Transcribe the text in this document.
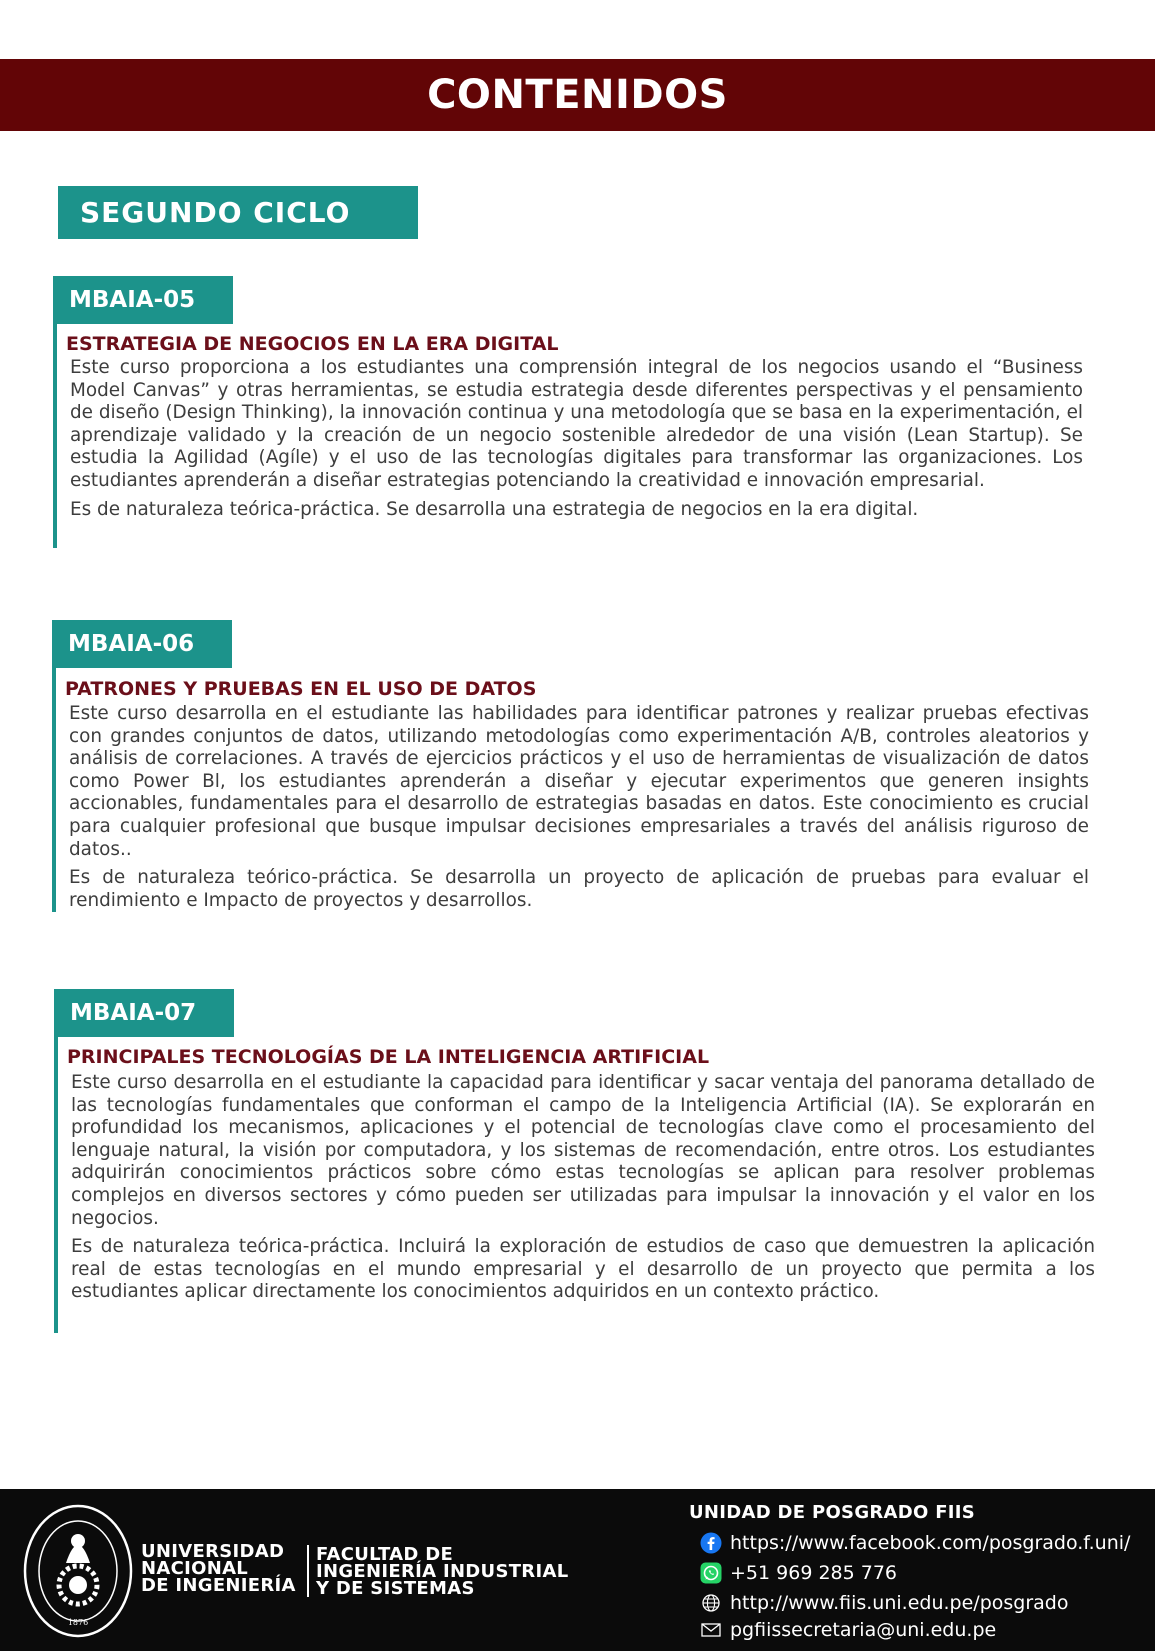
CONTENIDOS
SEGUNDO CICLO
MBAIA-05
ESTRATEGIA DE NEGOCIOS EN LA ERA DIGITAL

Este curso proporciona a los estudiantes una comprensión integral de los negocios usando el “Business Model Canvas” y otras herramientas, se estudia estrategia desde diferentes perspectivas y el pensamiento de diseño (Design Thinking), la innovación continua y una metodología que se basa en la experimentación, el aprendizaje validado y la creación de un negocio sostenible alrededor de una visión (Lean Startup). Se estudia la Agilidad (Agíle) y el uso de las tecnologías digitales para transformar las organizaciones. Los estudiantes aprenderán a diseñar estrategias potenciando la creatividad e innovación empresarial.

Es de naturaleza teórica-práctica. Se desarrolla una estrategia de negocios en la era digital.

MBAIA-06
PATRONES Y PRUEBAS EN EL USO DE DATOS

Este curso desarrolla en el estudiante las habilidades para identificar patrones y realizar pruebas efectivas con grandes conjuntos de datos, utilizando metodologías como experimentación A/B, controles aleatorios y análisis de correlaciones. A través de ejercicios prácticos y el uso de herramientas de visualización de datos como Power Bl, los estudiantes aprenderán a diseñar y ejecutar experimentos que generen insights accionables, fundamentales para el desarrollo de estrategias basadas en datos. Este conocimiento es crucial para cualquier profesional que busque impulsar decisiones empresariales a través del análisis riguroso de datos..

Es de naturaleza teórico-práctica. Se desarrolla un proyecto de aplicación de pruebas para evaluar el rendimiento e Impacto de proyectos y desarrollos.

MBAIA-07
PRINCIPALES TECNOLOGÍAS DE LA INTELIGENCIA ARTIFICIAL

Este curso desarrolla en el estudiante la capacidad para identificar y sacar ventaja del panorama detallado de las tecnologías fundamentales que conforman el campo de la Inteligencia Artificial (IA). Se explorarán en profundidad los mecanismos, aplicaciones y el potencial de tecnologías clave como el procesamiento del lenguaje natural, la visión por computadora, y los sistemas de recomendación, entre otros. Los estudiantes adquirirán conocimientos prácticos sobre cómo estas tecnologías se aplican para resolver problemas complejos en diversos sectores y cómo pueden ser utilizadas para impulsar la innovación y el valor en los negocios.

Es de naturaleza teórica-práctica. Incluirá la exploración de estudios de caso que demuestren la aplicación real de estas tecnologías en el mundo empresarial y el desarrollo de un proyecto que permita a los estudiantes aplicar directamente los conocimientos adquiridos en un contexto práctico.

1876
UNIVERSIDAD
NACIONAL
DE INGENIERÍA
FACULTAD DE
INGENIERÍA INDUSTRIAL
Y DE SISTEMAS
UNIDAD DE POSGRADO FIIS
https://www.facebook.com/posgrado.f.uni/
+51 969 285 776
http://www.fiis.uni.edu.pe/posgrado
pgfiissecretaria@uni.edu.pe
